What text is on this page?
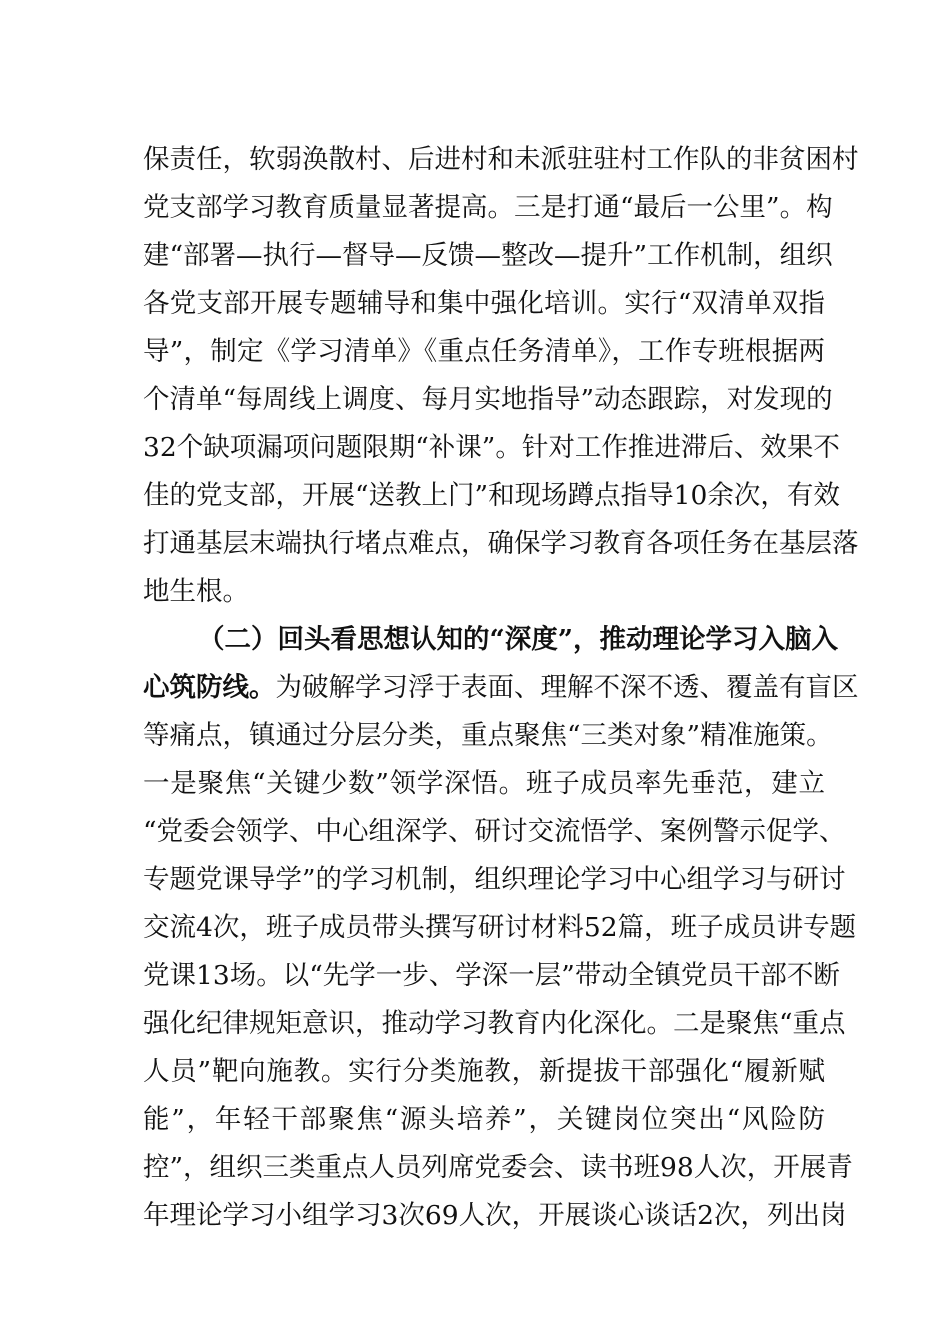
保责任，软弱涣散村、后进村和未派驻驻村工作队的非贫困村
党支部学习教育质量显著提高。三是打通“最后一公里”。构
建“部署—执行—督导—反馈—整改—提升”工作机制，组织
各党支部开展专题辅导和集中强化培训。实行“双清单双指
导”，制定《学习清单》《重点任务清单》，工作专班根据两
个清单“每周线上调度、每月实地指导”动态跟踪，对发现的
32个缺项漏项问题限期“补课”。针对工作推进滞后、效果不
佳的党支部，开展“送教上门”和现场蹲点指导10余次，有效
打通基层末端执行堵点难点，确保学习教育各项任务在基层落
地生根。
（二）回头看思想认知的“深度”，推动理论学习入脑入
心筑防线。为破解学习浮于表面、理解不深不透、覆盖有盲区
等痛点，镇通过分层分类，重点聚焦“三类对象”精准施策。
一是聚焦“关键少数”领学深悟。班子成员率先垂范，建立
“党委会领学、中心组深学、研讨交流悟学、案例警示促学、
专题党课导学”的学习机制，组织理论学习中心组学习与研讨
交流4次，班子成员带头撰写研讨材料52篇，班子成员讲专题
党课13场。以“先学一步、学深一层”带动全镇党员干部不断
强化纪律规矩意识，推动学习教育内化深化。二是聚焦“重点
人员”靶向施教。实行分类施教，新提拔干部强化“履新赋
能”，年轻干部聚焦“源头培养”，关键岗位突出“风险防
控”，组织三类重点人员列席党委会、读书班98人次，开展青
年理论学习小组学习3次69人次，开展谈心谈话2次，列出岗
